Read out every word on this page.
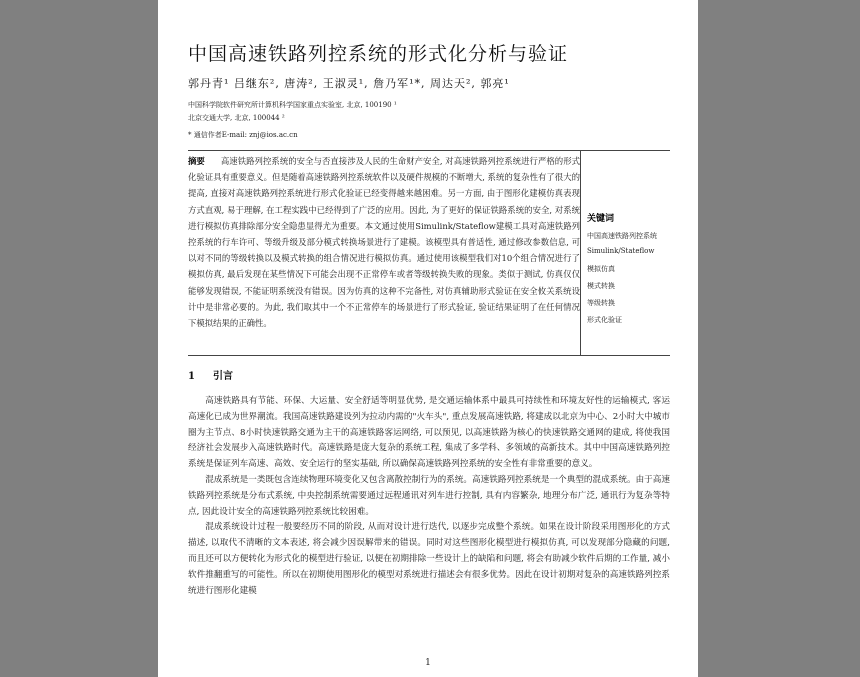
中国高速铁路列控系统的形式化分析与验证
郭丹青¹ 吕继东², 唐涛², 王淑灵¹, 詹乃军¹*, 周达天², 郭亮¹
中国科学院软件研究所计算机科学国家重点实验室, 北京, 100190 ¹
北京交通大学, 北京, 100044 ²
* 通信作者E-mail: znj@ios.ac.cn
摘要 高速铁路列控系统的安全与否直接涉及人民的生命财产安全, 对高速铁路列控系统进行严格的形式化验证具有重要意义。但是随着高速铁路列控系统软件以及硬件规模的不断增大, 系统的复杂性有了很大的提高, 直接对高速铁路列控系统进行形式化验证已经变得越来越困难。另一方面, 由于图形化建模仿真表现方式直观, 易于理解, 在工程实践中已经得到了广泛的应用。因此, 为了更好的保证铁路系统的安全, 对系统进行模拟仿真排除部分安全隐患显得尤为重要。本文通过使用Simulink/Stateflow建模工具对高速铁路列控系统的行车许可、等级升级及部分模式转换场景进行了建模。该模型具有普适性, 通过修改参数信息, 可以对不同的等级转换以及模式转换的组合情况进行模拟仿真。通过使用该模型我们对10个组合情况进行了模拟仿真, 最后发现在某些情况下可能会出现不正常停车或者等级转换失败的现象。类似于测试, 仿真仅仅能够发现错误, 不能证明系统没有错误。因为仿真的这种不完备性, 对仿真辅助形式验证在安全攸关系统设计中是非常必要的。为此, 我们取其中一个不正常停车的场景进行了形式验证, 验证结果证明了在任何情况下模拟结果的正确性。
关键词
中国高速铁路列控系统
Simulink/Stateflow
模拟仿真
模式转换
等级转换
形式化验证
1 引言

高速铁路具有节能、环保、大运量、安全舒适等明显优势, 是交通运输体系中最具可持续性和环境友好性的运输模式, 客运高速化已成为世界潮流。我国高速铁路建设列为拉动内需的"火车头", 重点发展高速铁路, 将建成以北京为中心、2小时大中城市圈为主节点、8小时快速铁路交通为主干的高速铁路客运网络, 可以预见, 以高速铁路为核心的快速铁路交通网的建成, 将使我国经济社会发展步入高速铁路时代。高速铁路是庞大复杂的系统工程, 集成了多学科、多领域的高新技术。其中中国高速铁路列控系统是保证列车高速、高效、安全运行的坚实基础, 所以确保高速铁路列控系统的安全性有非常重要的意义。

混成系统是一类既包含连续物理环境变化又包含离散控制行为的系统。高速铁路列控系统是一个典型的混成系统。由于高速铁路列控系统是分布式系统, 中央控制系统需要通过远程通讯对列车进行控制, 具有内容繁杂, 地理分布广泛, 通讯行为复杂等特点, 因此设计安全的高速铁路列控系统比较困难。

混成系统设计过程一般要经历不同的阶段, 从而对设计进行迭代, 以逐步完成整个系统。如果在设计阶段采用图形化的方式描述, 以取代不清晰的文本表述, 将会减少因误解带来的错误。同时对这些图形化模型进行模拟仿真, 可以发现部分隐藏的问题, 而且还可以方便转化为形式化的模型进行验证, 以便在初期排除一些设计上的缺陷和问题, 将会有助减少软件后期的工作量, 减小软件推翻重写的可能性。所以在初期使用图形化的模型对系统进行描述会有很多优势。因此在设计初期对复杂的高速铁路列控系统进行图形化建模

1
